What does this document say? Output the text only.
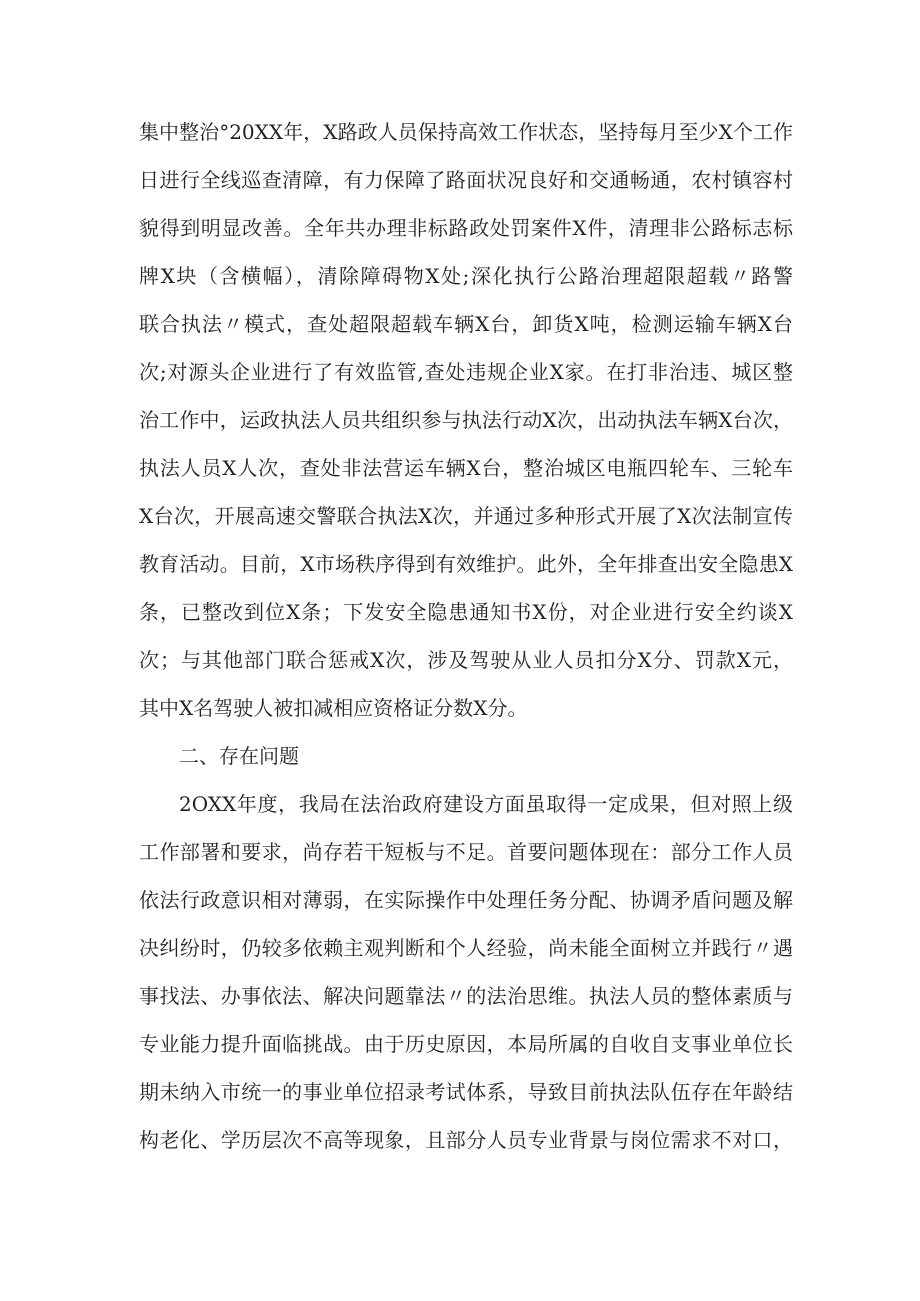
集中整治°20XX年，X路政人员保持高效工作状态，坚持每月至少X个工作
日进行全线巡查清障，有力保障了路面状况良好和交通畅通，农村镇容村
貌得到明显改善。全年共办理非标路政处罚案件X件，清理非公路标志标
牌X块（含横幅），清除障碍物X处;深化执行公路治理超限超载〃路警
联合执法〃模式，查处超限超载车辆X台，卸货X吨，检测运输车辆X台
次;对源头企业进行了有效监管,查处违规企业X家。在打非治违、城区整
治工作中，运政执法人员共组织参与执法行动X次，出动执法车辆X台次，
执法人员X人次，查处非法营运车辆X台，整治城区电瓶四轮车、三轮车
X台次，开展高速交警联合执法X次，并通过多种形式开展了X次法制宣传
教育活动。目前，X市场秩序得到有效维护。此外，全年排查出安全隐患X
条，已整改到位X条；下发安全隐患通知书X份，对企业进行安全约谈X
次；与其他部门联合惩戒X次，涉及驾驶从业人员扣分X分、罚款X元，
其中X名驾驶人被扣减相应资格证分数X分。
二、存在问题
2OXX年度，我局在法治政府建设方面虽取得一定成果，但对照上级
工作部署和要求，尚存若干短板与不足。首要问题体现在：部分工作人员
依法行政意识相对薄弱，在实际操作中处理任务分配、协调矛盾问题及解
决纠纷时，仍较多依赖主观判断和个人经验，尚未能全面树立并践行〃遇
事找法、办事依法、解决问题靠法〃的法治思维。执法人员的整体素质与
专业能力提升面临挑战。由于历史原因，本局所属的自收自支事业单位长
期未纳入市统一的事业单位招录考试体系，导致目前执法队伍存在年龄结
构老化、学历层次不高等现象，且部分人员专业背景与岗位需求不对口，
